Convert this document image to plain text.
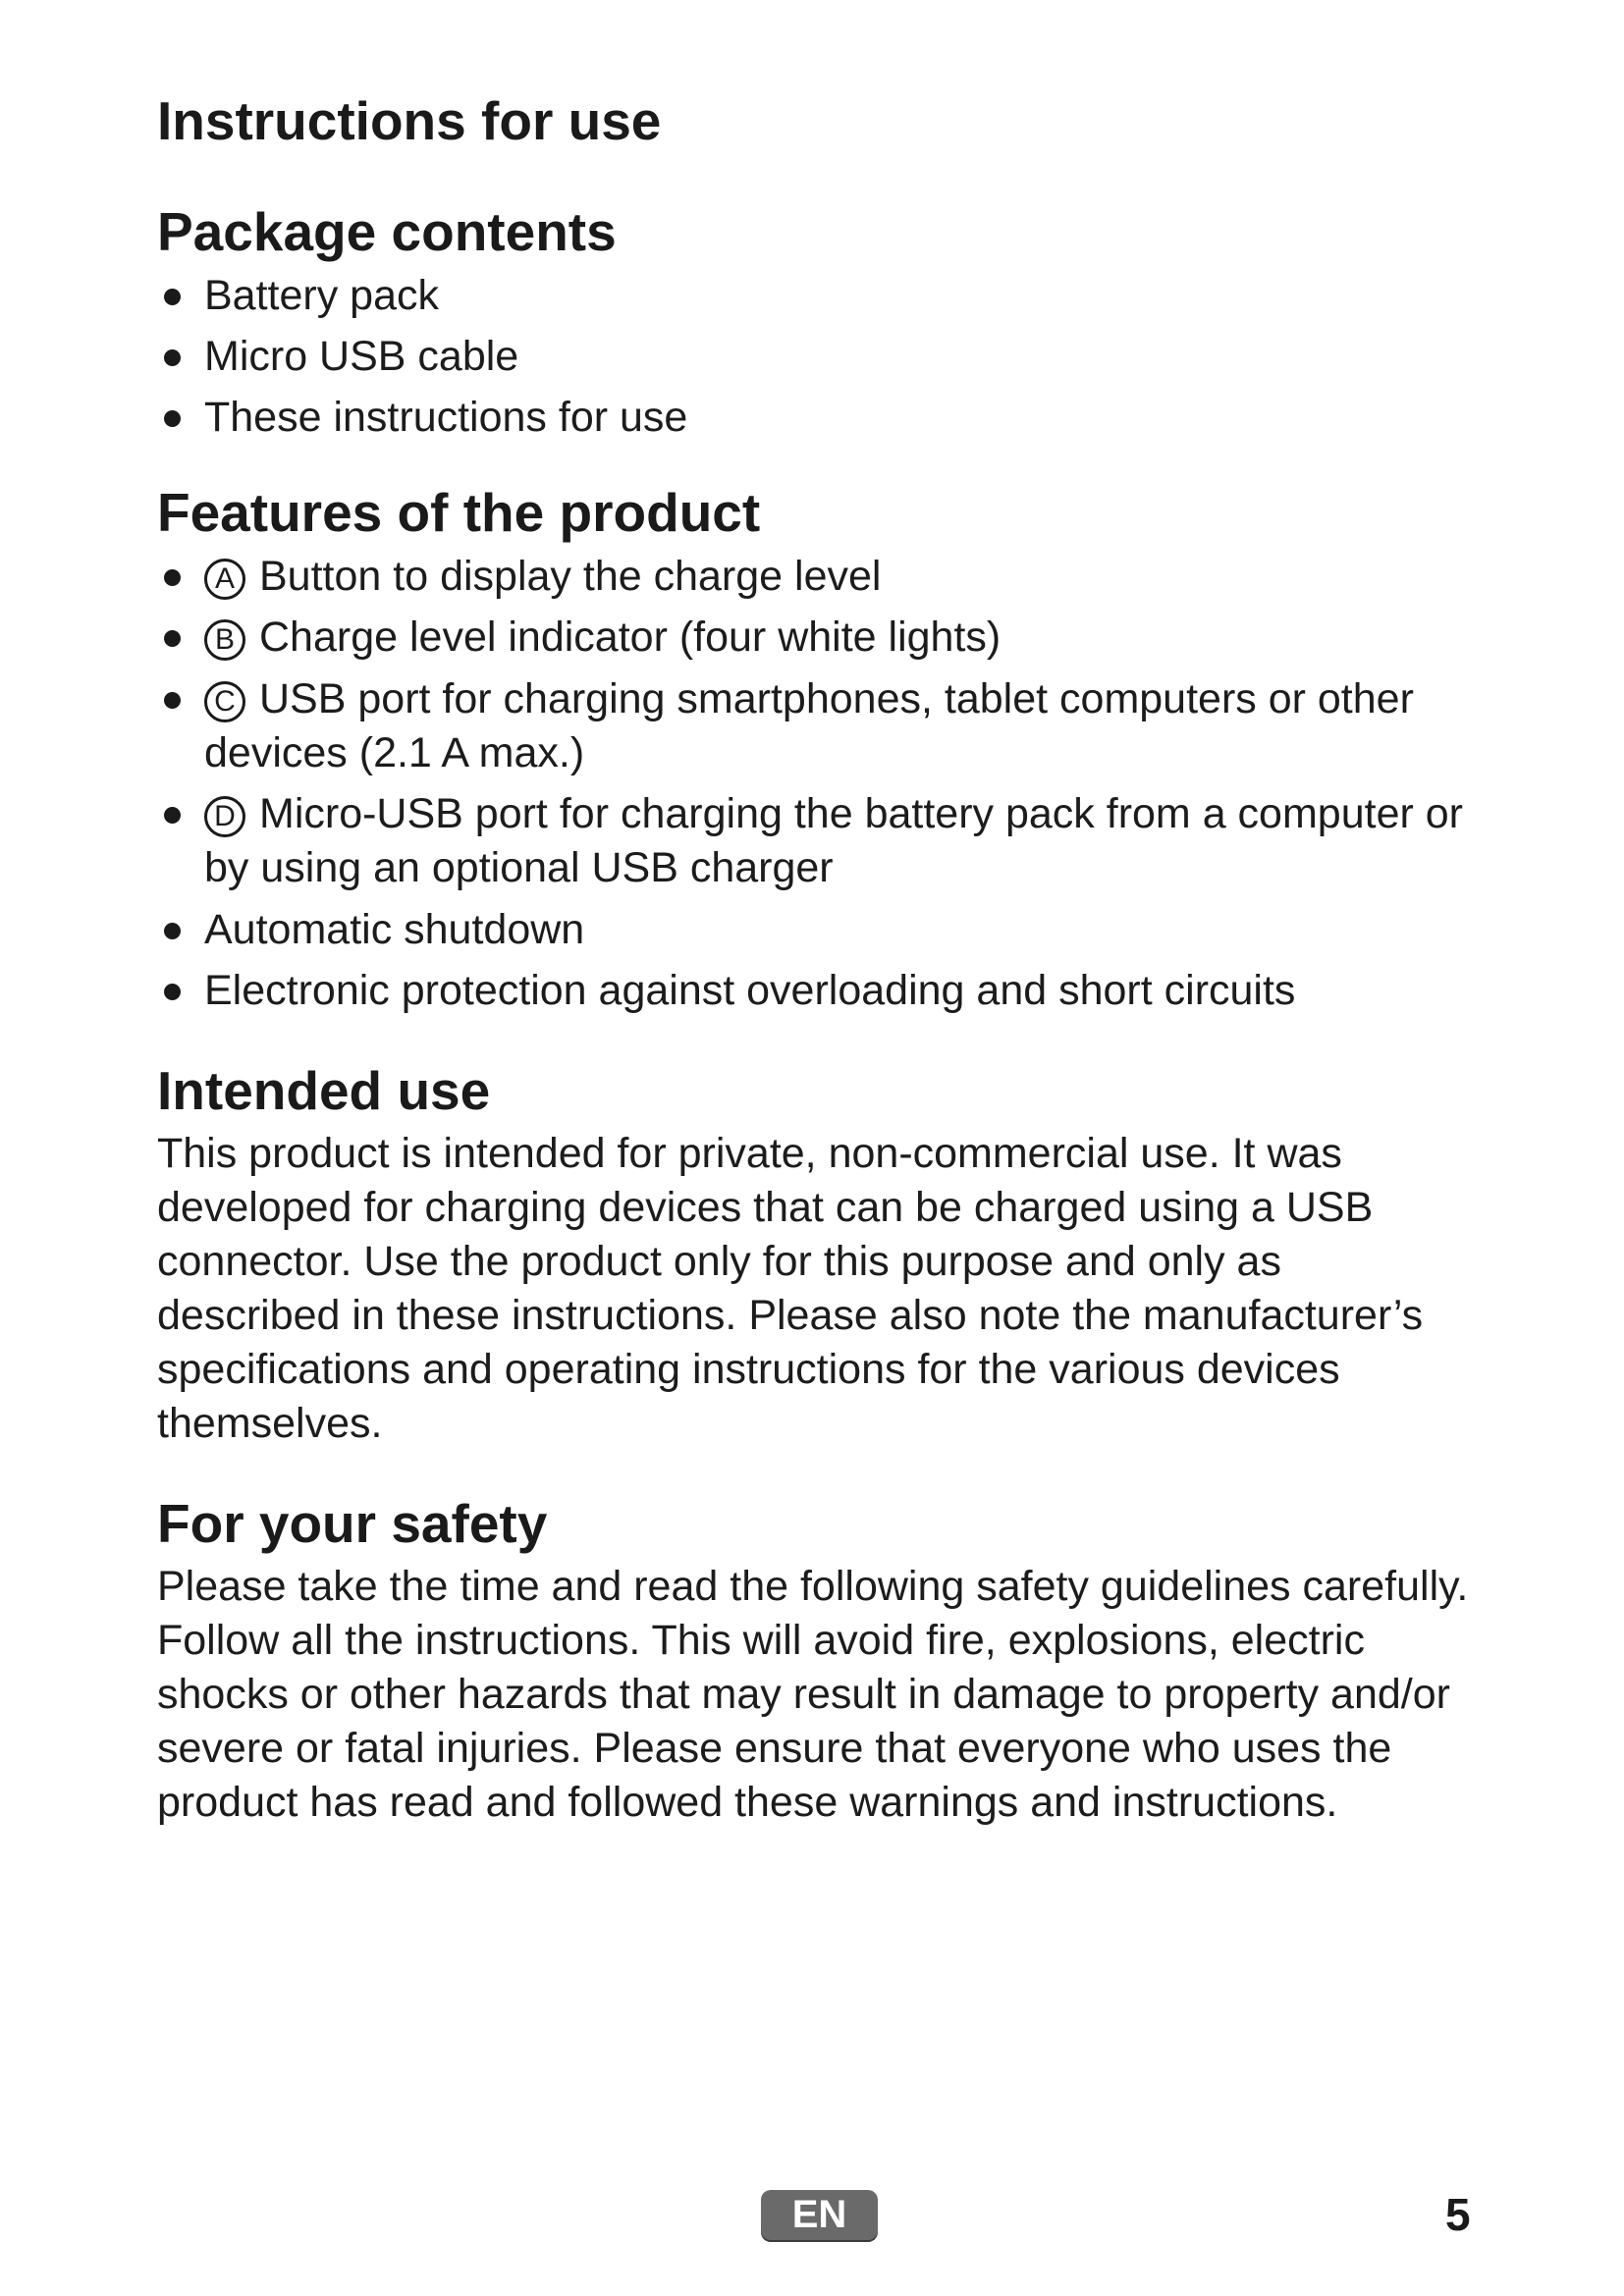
Instructions for use
Package contents
Battery pack
Micro USB cable
These instructions for use
Features of the product
A Button to display the charge level
B Charge level indicator (four white lights)
C USB port for charging smartphones, tablet computers or other devices (2.1 A max.)
D Micro-USB port for charging the battery pack from a computer or by using an optional USB charger
Automatic shutdown
Electronic protection against overloading and short circuits
Intended use

This product is intended for private, non-commercial use. It was developed for charging devices that can be charged using a USB connector. Use the product only for this purpose and only as described in these instructions. Please also note the manufacturer’s specifications and operating instructions for the various devices themselves.

For your safety

Please take the time and read the following safety guidelines carefully. Follow all the instructions. This will avoid fire, explosions, electric shocks or other hazards that may result in damage to property and/or severe or fatal injuries. Please ensure that everyone who uses the product has read and followed these warnings and instructions.

EN	5
